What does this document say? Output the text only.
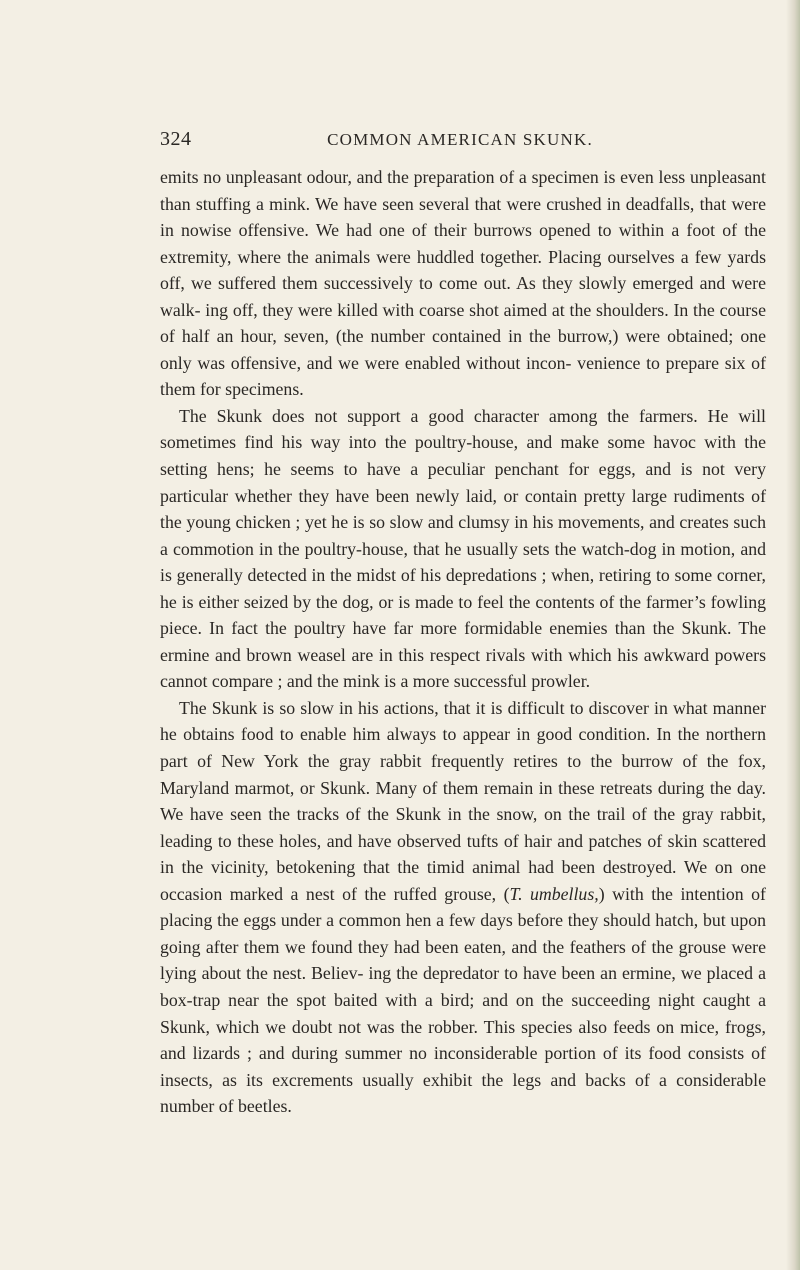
324	COMMON AMERICAN SKUNK.

emits no unpleasant odour, and the preparation of a specimen is even less unpleasant than stuffing a mink. We have seen several that were crushed in deadfalls, that were in nowise offensive. We had one of their burrows opened to within a foot of the extremity, where the animals were huddled together. Placing ourselves a few yards off, we suffered them successively to come out. As they slowly emerged and were walk- ing off, they were killed with coarse shot aimed at the shoulders. In the course of half an hour, seven, (the number contained in the burrow,) were obtained; one only was offensive, and we were enabled without incon- venience to prepare six of them for specimens.

The Skunk does not support a good character among the farmers. He will sometimes find his way into the poultry-house, and make some havoc with the setting hens; he seems to have a peculiar penchant for eggs, and is not very particular whether they have been newly laid, or contain pretty large rudiments of the young chicken ; yet he is so slow and clumsy in his movements, and creates such a commotion in the poultry-house, that he usually sets the watch-dog in motion, and is generally detected in the midst of his depredations ; when, retiring to some corner, he is either seized by the dog, or is made to feel the contents of the farmer’s fowling piece. In fact the poultry have far more formidable enemies than the Skunk. The ermine and brown weasel are in this respect rivals with which his awkward powers cannot compare ; and the mink is a more successful prowler.

The Skunk is so slow in his actions, that it is difficult to discover in what manner he obtains food to enable him always to appear in good condition. In the northern part of New York the gray rabbit frequently retires to the burrow of the fox, Maryland marmot, or Skunk. Many of them remain in these retreats during the day. We have seen the tracks of the Skunk in the snow, on the trail of the gray rabbit, leading to these holes, and have observed tufts of hair and patches of skin scattered in the vicinity, betokening that the timid animal had been destroyed. We on one occasion marked a nest of the ruffed grouse, (T. umbellus,) with the intention of placing the eggs under a common hen a few days before they should hatch, but upon going after them we found they had been eaten, and the feathers of the grouse were lying about the nest. Believ- ing the depredator to have been an ermine, we placed a box-trap near the spot baited with a bird; and on the succeeding night caught a Skunk, which we doubt not was the robber. This species also feeds on mice, frogs, and lizards ; and during summer no inconsiderable portion of its food consists of insects, as its excrements usually exhibit the legs and backs of a considerable number of beetles.
